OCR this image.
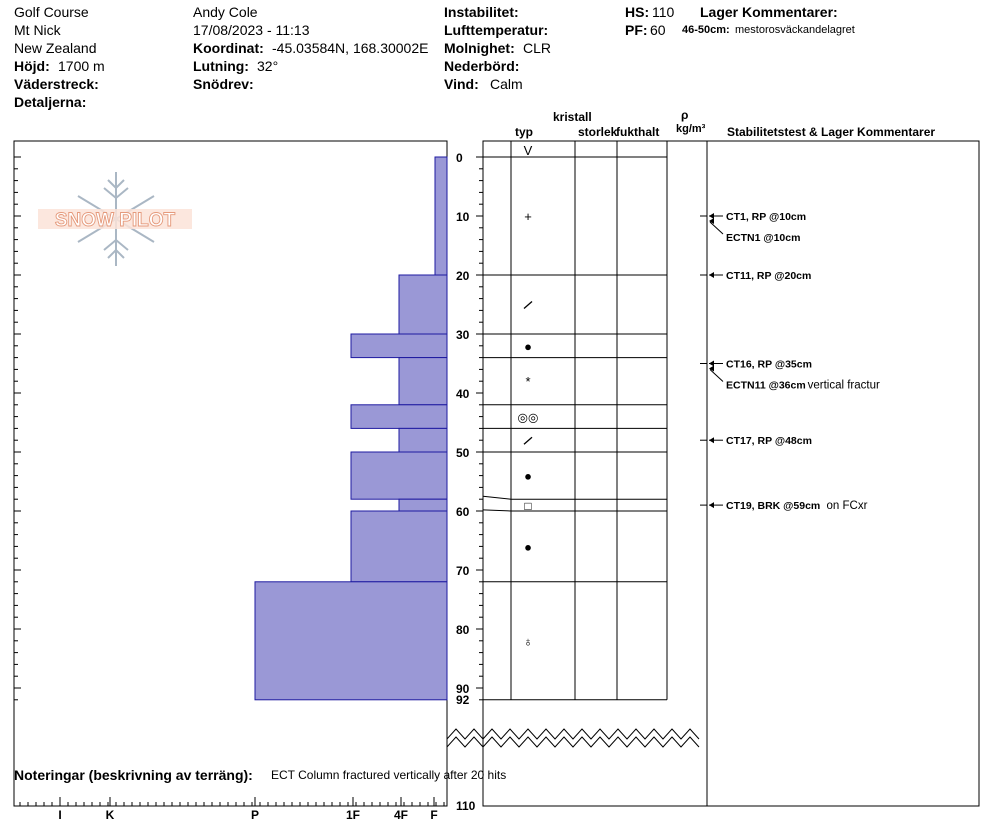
Golf Course
Mt Nick
New Zealand
Höjd: 1700 m
Väderstreck:
Detaljerna:
Andy Cole
17/08/2023 - 11:13
Koordinat: -45.03584N, 168.30002E
Lutning: 32°
Snödrev:
Instabilitet:
Lufttemperatur:
Molnighet: CLR
Nederbörd:
Vind: Calm
HS: 110 Lager Kommentarer:
PF: 60 46-50cm: mestorosväckandelagret
kristall
typ	storlek
fukthalt
ρ
kg/m³ Stabilitetstest & Lager Kommentarer
SNOW PILOT
V
+
●
*
◎◎
●
□
●
♁
CT1, RP @10cm
ECTN1 @10cm
CT11, RP @20cm
CT16, RP @35cm
ECTN11 @36cm vertical fractur
CT17, RP @48cm
CT19, BRK @59cm on FCxr
0
10
20
30
40
50
60
70
80
90
92
110
I	K	P	1F	4F F
Noteringar (beskrivning av terräng): ECT Column fractured vertically after 20 hits
